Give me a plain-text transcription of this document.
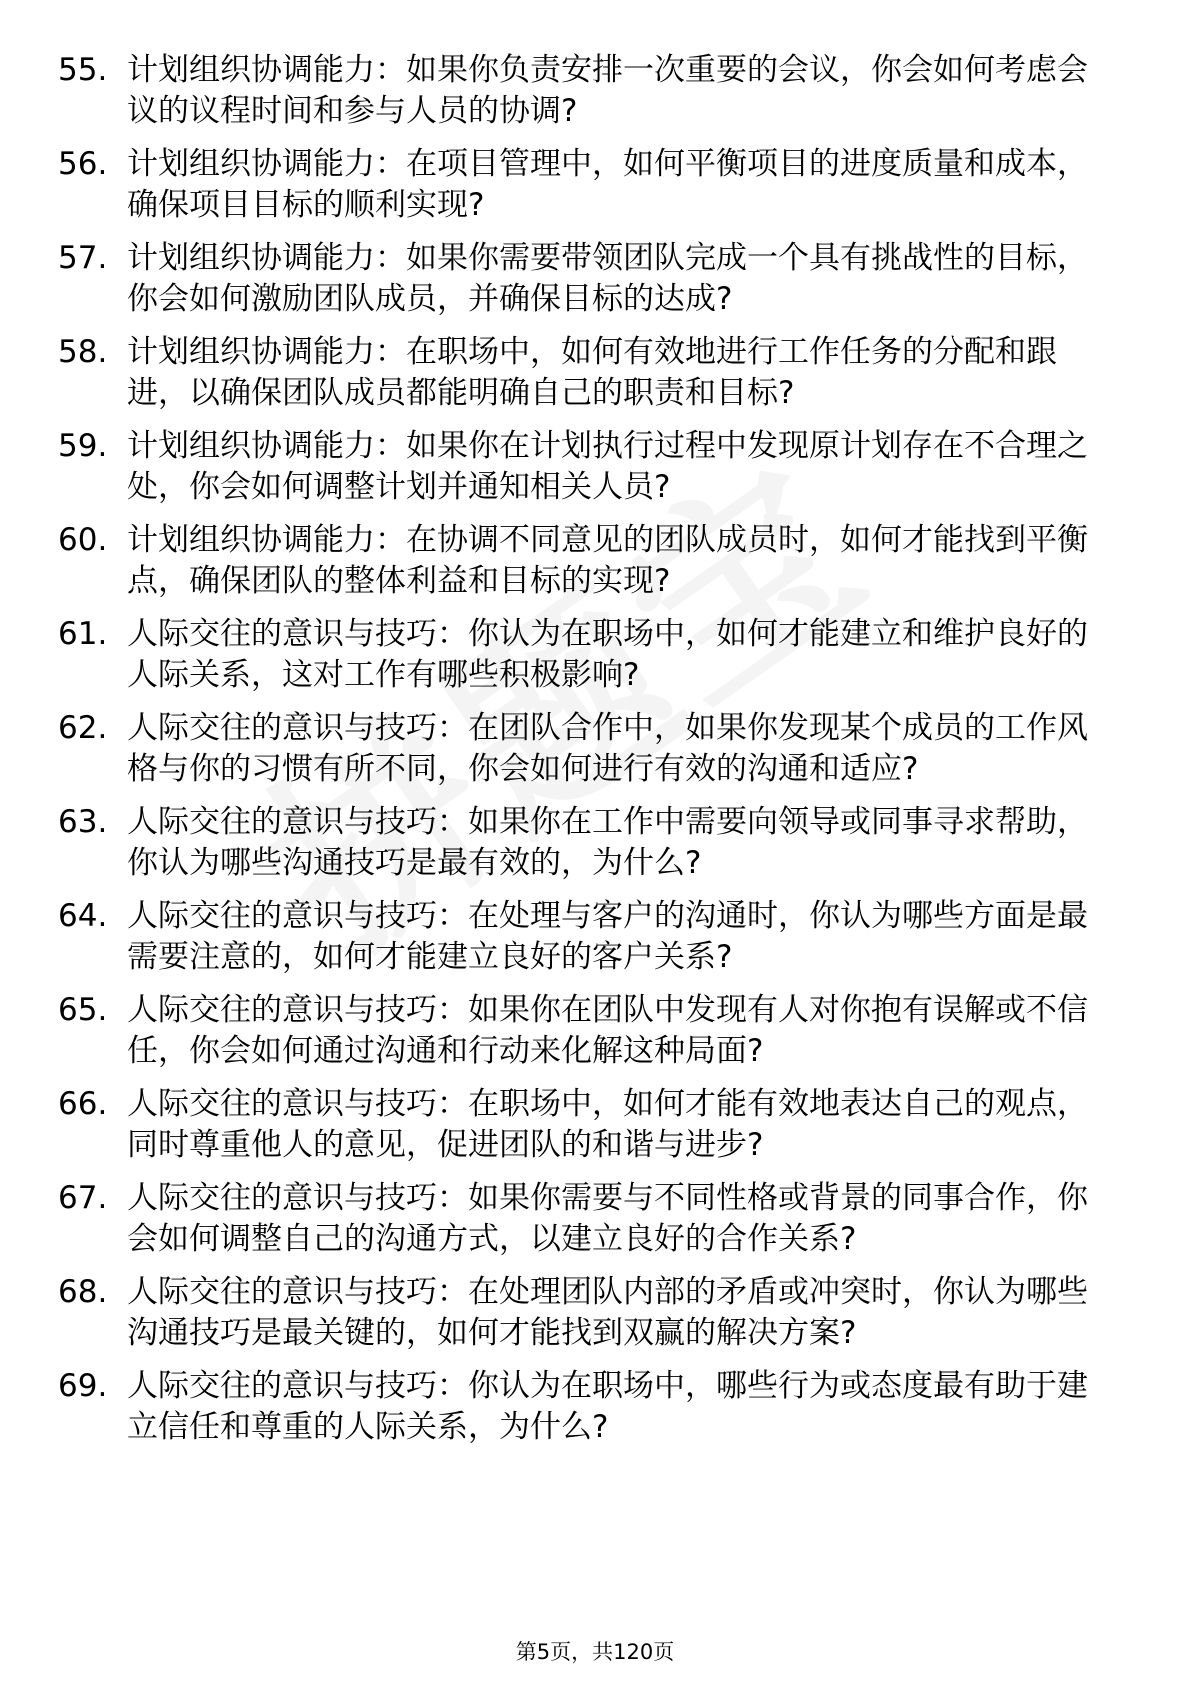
55. 计划组织协调能力：如果你负责安排一次重要的会议，你会如何考虑会议的议程时间和参与人员的协调?
56. 计划组织协调能力：在项目管理中，如何平衡项目的进度质量和成本，确保项目目标的顺利实现?
57. 计划组织协调能力：如果你需要带领团队完成一个具有挑战性的目标，你会如何激励团队成员，并确保目标的达成?
58. 计划组织协调能力：在职场中，如何有效地进行工作任务的分配和跟进，以确保团队成员都能明确自己的职责和目标?
59. 计划组织协调能力：如果你在计划执行过程中发现原计划存在不合理之处，你会如何调整计划并通知相关人员?
60. 计划组织协调能力：在协调不同意见的团队成员时，如何才能找到平衡点，确保团队的整体利益和目标的实现?
61. 人际交往的意识与技巧：你认为在职场中，如何才能建立和维护良好的人际关系，这对工作有哪些积极影响?
62. 人际交往的意识与技巧：在团队合作中，如果你发现某个成员的工作风格与你的习惯有所不同，你会如何进行有效的沟通和适应?
63. 人际交往的意识与技巧：如果你在工作中需要向领导或同事寻求帮助，你认为哪些沟通技巧是最有效的，为什么?
64. 人际交往的意识与技巧：在处理与客户的沟通时，你认为哪些方面是最需要注意的，如何才能建立良好的客户关系?
65. 人际交往的意识与技巧：如果你在团队中发现有人对你抱有误解或不信任，你会如何通过沟通和行动来化解这种局面?
66. 人际交往的意识与技巧：在职场中，如何才能有效地表达自己的观点，同时尊重他人的意见，促进团队的和谐与进步?
67. 人际交往的意识与技巧：如果你需要与不同性格或背景的同事合作，你会如何调整自己的沟通方式，以建立良好的合作关系?
68. 人际交往的意识与技巧：在处理团队内部的矛盾或冲突时，你认为哪些沟通技巧是最关键的，如何才能找到双赢的解决方案?
69. 人际交往的意识与技巧：你认为在职场中，哪些行为或态度最有助于建立信任和尊重的人际关系，为什么?
第5页，共120页
